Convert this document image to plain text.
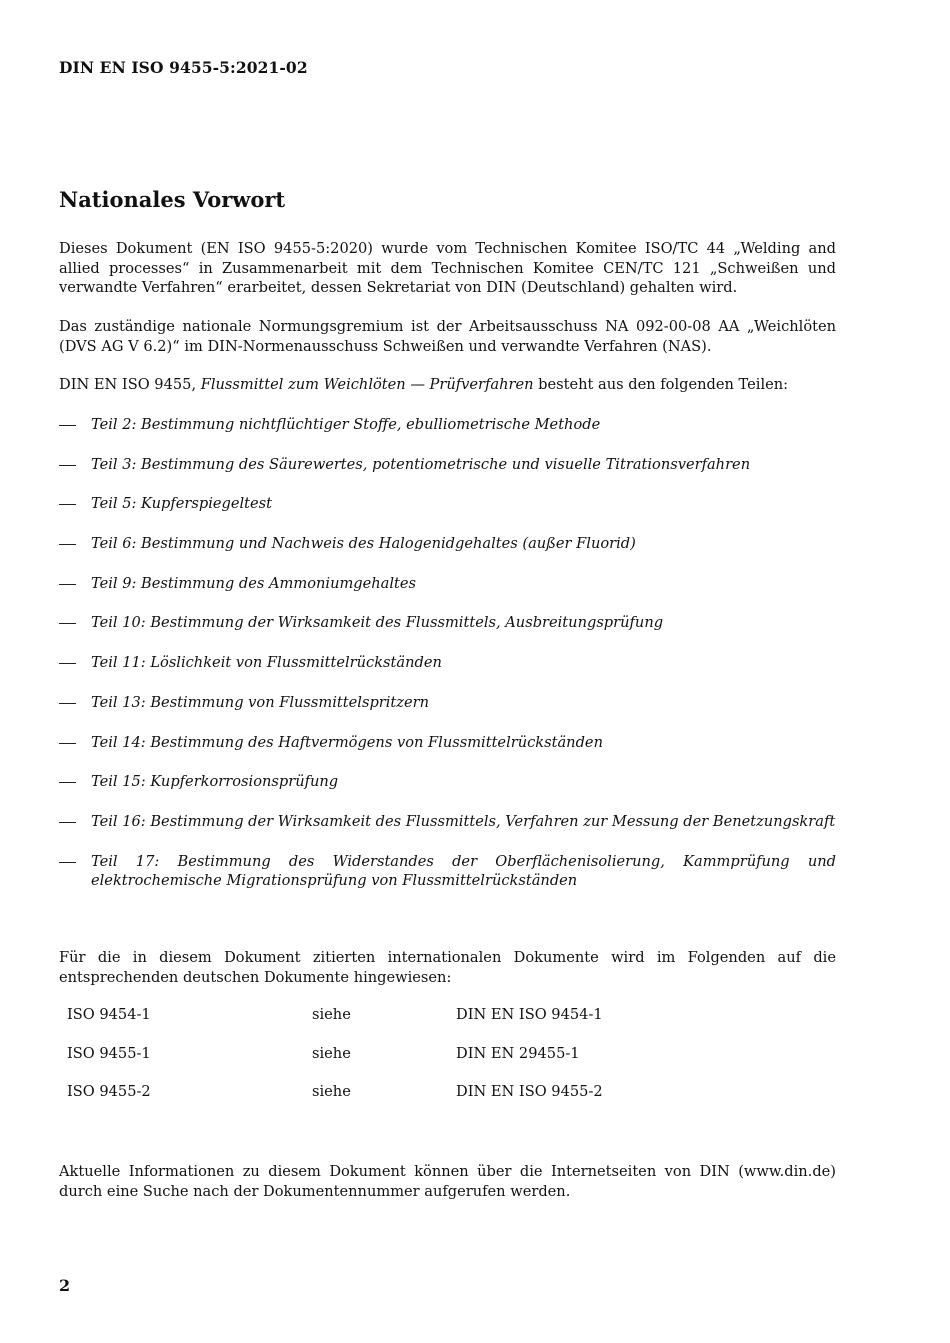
DIN EN ISO 9455-5:2021-02
Nationales Vorwort

Dieses Dokument (EN ISO 9455-5:2020) wurde vom Technischen Komitee ISO/TC 44 „Welding and allied processes“ in Zusammenarbeit mit dem Technischen Komitee CEN/TC 121 „Schweißen und verwandte Verfahren“ erarbeitet, dessen Sekretariat von DIN (Deutschland) gehalten wird.

Das zuständige nationale Normungsgremium ist der Arbeitsausschuss NA 092-00-08 AA „Weichlöten (DVS AG V 6.2)“ im DIN-Normenausschuss Schweißen und verwandte Verfahren (NAS).

DIN EN ISO 9455, Flussmittel zum Weichlöten — Prüfverfahren besteht aus den folgenden Teilen:

Teil 2: Bestimmung nichtflüchtiger Stoffe, ebulliometrische Methode
Teil 3: Bestimmung des Säurewertes, potentiometrische und visuelle Titrationsverfahren
Teil 5: Kupferspiegeltest
Teil 6: Bestimmung und Nachweis des Halogenidgehaltes (außer Fluorid)
Teil 9: Bestimmung des Ammoniumgehaltes
Teil 10: Bestimmung der Wirksamkeit des Flussmittels, Ausbreitungsprüfung
Teil 11: Löslichkeit von Flussmittelrückständen
Teil 13: Bestimmung von Flussmittelspritzern
Teil 14: Bestimmung des Haftvermögens von Flussmittelrückständen
Teil 15: Kupferkorrosionsprüfung
Teil 16: Bestimmung der Wirksamkeit des Flussmittels, Verfahren zur Messung der Benetzungskraft
Teil 17: Bestimmung des Widerstandes der Oberflächenisolierung, Kammprüfung und elektrochemische Migrationsprüfung von Flussmittelrückständen

Für die in diesem Dokument zitierten internationalen Dokumente wird im Folgenden auf die entsprechenden deutschen Dokumente hingewiesen:

ISO 9454-1	siehe	DIN EN ISO 9454-1
ISO 9455-1	siehe	DIN EN 29455-1
ISO 9455-2	siehe	DIN EN ISO 9455-2

Aktuelle Informationen zu diesem Dokument können über die Internetseiten von DIN (www.din.de) durch eine Suche nach der Dokumentennummer aufgerufen werden.

2
